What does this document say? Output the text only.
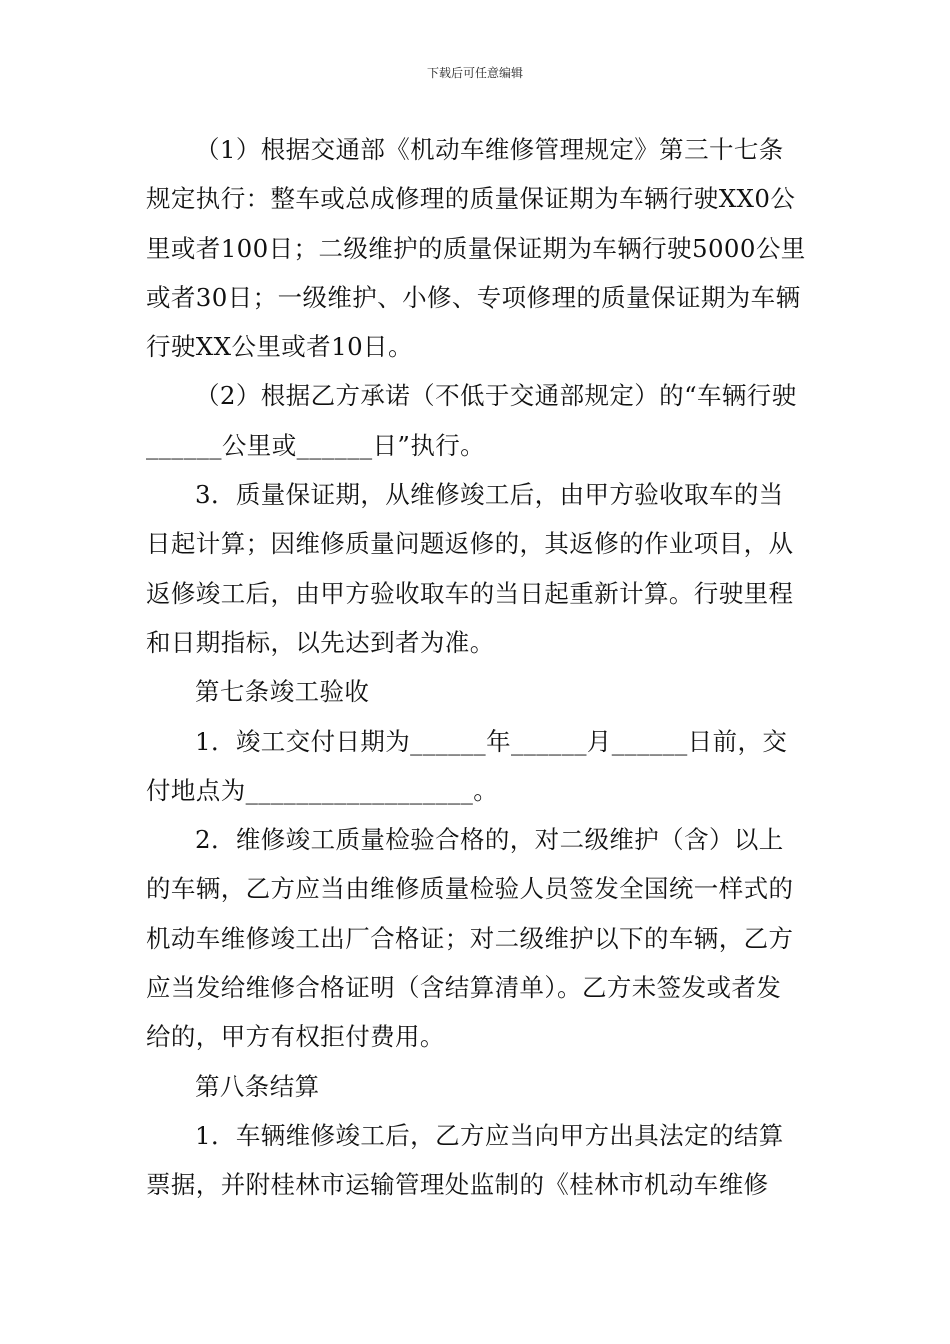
下载后可任意编辑

（1）根据交通部《机动车维修管理规定》第三十七条规定执行：整车或总成修理的质量保证期为车辆行驶XX0公里或者100日；二级维护的质量保证期为车辆行驶5000公里或者30日；一级维护、小修、专项修理的质量保证期为车辆行驶XX公里或者10日。

（2）根据乙方承诺（不低于交通部规定）的“车辆行驶______公里或______日”执行。

3．质量保证期，从维修竣工后，由甲方验收取车的当日起计算；因维修质量问题返修的，其返修的作业项目，从返修竣工后，由甲方验收取车的当日起重新计算。行驶里程和日期指标，以先达到者为准。

第七条竣工验收

1．竣工交付日期为______年______月______日前，交付地点为__________________。

2．维修竣工质量检验合格的，对二级维护（含）以上的车辆，乙方应当由维修质量检验人员签发全国统一样式的机动车维修竣工出厂合格证；对二级维护以下的车辆，乙方应当发给维修合格证明（含结算清单）。乙方未签发或者发给的，甲方有权拒付费用。

第八条结算

1．车辆维修竣工后，乙方应当向甲方出具法定的结算票据，并附桂林市运输管理处监制的《桂林市机动车维修
